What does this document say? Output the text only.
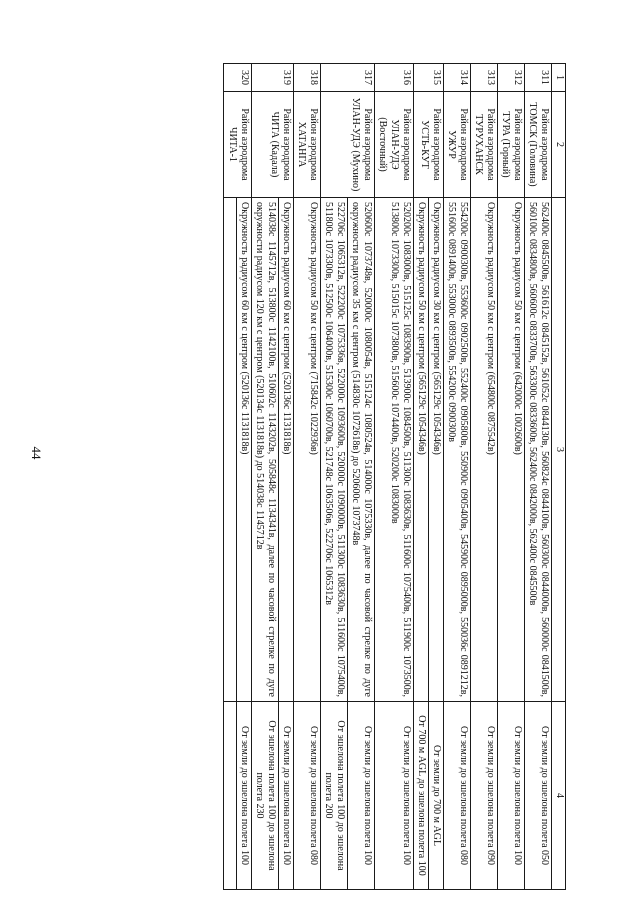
44
1	2	3	4
311	Район аэродрома ТОМСК (Головина)	562400с 0845500в, 561612с 0845152в, 561052с 0844130в, 560824с 0844100в, 560300с 0844000в, 560000с 0841500в, 560100с 0834800в, 560600с 0833700в, 563300с 0833600в, 562400с 0842000в, 562400с 0845500в	От земли до эшелона полета 050
312	Район аэродрома ТУРА (Горный)	Окружность радиусом 50 км с центром (642000с 1002600в)	От земли до эшелона полета 100
313	Район аэродрома ТУРУХАНСК	Окружность радиусом 50 км с центром (654800с 0875542в)	От земли до эшелона полета 090
314	Район аэродрома УЖУР	554200с 0900300в, 553600с 0902500в, 552400с 0905800в, 550900с 0905400в, 545900с 0895000в, 550036с 0891212в, 551600с 0891400в, 553000с 0893500в, 554200с 0900300в	От земли до эшелона полета 080
315	Район аэродрома УСТЬ-КУТ	Окружность радиусом 30 км с центром (565129с 1054346в)	От земли до 700 м AGL
		Окружность радиусом 50 км с центром (565129с 1054346в)	От 700 м AGL до эшелона полета 100
316	Район аэродрома УЛАН-УДЭ (Восточный)	520200с 1083000в, 515125с 1083900в, 513900с 1084500в, 511300с 1083630в, 511600с 1075400в, 511900с 1073500в, 513800с 1073300в, 515015с 1073800в, 515600с 1074400в, 520200с 1083000в	От земли до эшелона полета 100
317	Район аэродрома УЛАН-УДЭ (Мухино)	520600с 1073748в, 520000с 1080054в, 515124с 1080524в, 514000с 1075330в, далее по часовой стрелке по дуге окружности радиусом 35 км с центром (514830с 1072618в) до 520600с 1073748в	От земли до эшелона полета 100
		522706с 1065312в, 522200с 1075336в, 522000с 1093600в, 520000с 1090000в, 511300с 1083630в, 511600с 1075400в, 511800с 1073300в, 512500с 1064000в, 515300с 1060700в, 521748с 1063506в, 522706с 1065312в	От эшелона полета 100 до эшелона полета 200
318	Район аэродрома ХАТАНГА	Окружность радиусом 50 км с центром (715842с 1022936в)	От земли до эшелона полета 080
319	Район аэродрома ЧИТА (Кадала)	Окружность радиусом 60 км с центром (520136с 1131818в)	От земли до эшелона полета 100
		514038с 1145712в, 513800с 1142100в, 510602с 1143202в, 505848с 1134341в, далее по часовой стрелке по дуге окружности радиусом 120 км с центром (520134с 1131818в) до 514038с 1145712в	От эшелона полета 100 до эшелона полета 230
320	Район аэродрома ЧИТА-1	Окружность радиусом 60 км с центром (520136с 1131818в)	От земли до эшелона полета 100
